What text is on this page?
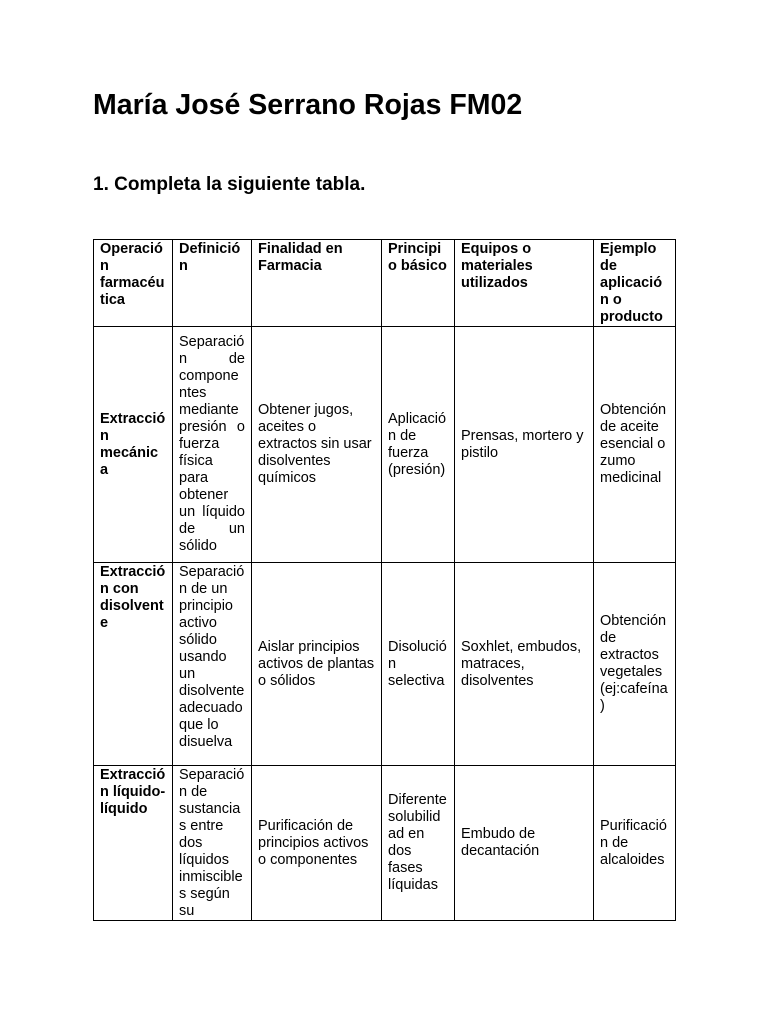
María José Serrano Rojas FM02
1. Completa la siguiente tabla.
Operación farmacéutica	Definición	Finalidad en Farmacia	Principio básico	Equipos o materiales utilizados	Ejemplo de aplicación o producto
Extracción mecánica	Separación de componentes mediante presión o fuerza física para obtener un líquido de un sólido	Obtener jugos, aceites o extractos sin usar disolventes químicos	Aplicación de fuerza (presión)	Prensas, mortero y pistilo	Obtención de aceite esencial o zumo medicinal
Extracción con disolvente	Separación de un principio activo sólido usando un disolvente adecuado que lo disuelva	Aislar principios activos de plantas o sólidos	Disolución selectiva	Soxhlet, embudos, matraces, disolventes	Obtención de extractos vegetales (ej:cafeína)
Extracción líquido-líquido	Separación de sustancias entre dos líquidos inmiscibles según su	Purificación de principios activos o componentes	Diferente solubilidad en dos fases líquidas	Embudo de decantación	Purificación de alcaloides
